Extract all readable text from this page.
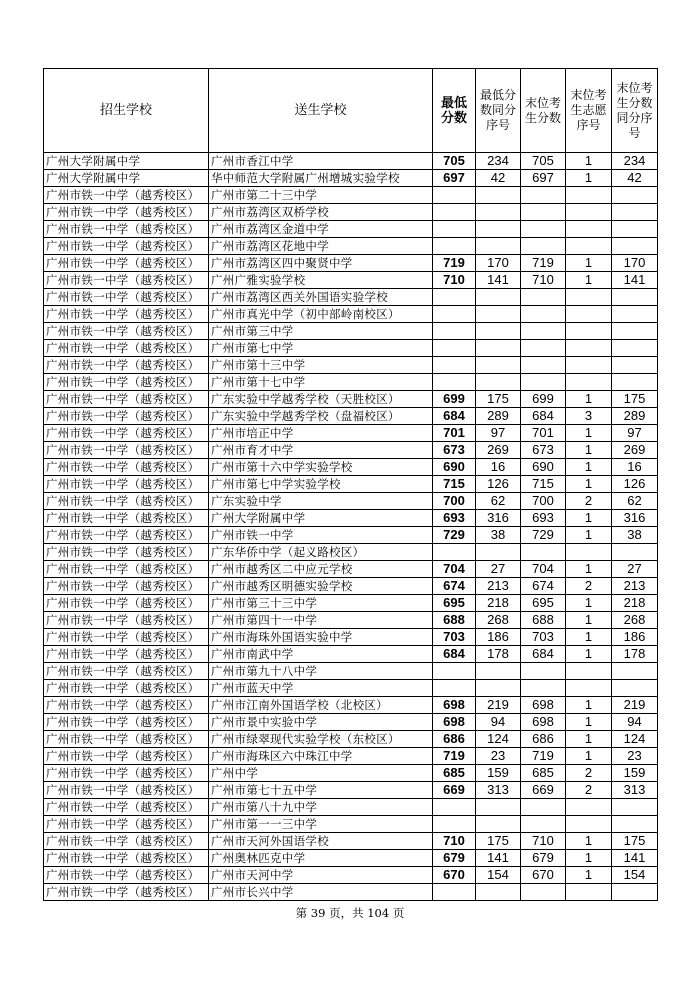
招生学校	送生学校	最低分数	最低分数同分序号	末位考生分数	末位考生志愿序号	末位考生分数同分序号
广州大学附属中学	广州市香江中学	705	234	705	1	234
广州大学附属中学	华中师范大学附属广州增城实验学校	697	42	697	1	42
广州市铁一中学（越秀校区）	广州市第二十三中学					
广州市铁一中学（越秀校区）	广州市荔湾区双桥学校					
广州市铁一中学（越秀校区）	广州市荔湾区金道中学					
广州市铁一中学（越秀校区）	广州市荔湾区花地中学					
广州市铁一中学（越秀校区）	广州市荔湾区四中聚贤中学	719	170	719	1	170
广州市铁一中学（越秀校区）	广州广雅实验学校	710	141	710	1	141
广州市铁一中学（越秀校区）	广州市荔湾区西关外国语实验学校					
广州市铁一中学（越秀校区）	广州市真光中学（初中部岭南校区）					
广州市铁一中学（越秀校区）	广州市第三中学					
广州市铁一中学（越秀校区）	广州市第七中学					
广州市铁一中学（越秀校区）	广州市第十三中学					
广州市铁一中学（越秀校区）	广州市第十七中学					
广州市铁一中学（越秀校区）	广东实验中学越秀学校（天胜校区）	699	175	699	1	175
广州市铁一中学（越秀校区）	广东实验中学越秀学校（盘福校区）	684	289	684	3	289
广州市铁一中学（越秀校区）	广州市培正中学	701	97	701	1	97
广州市铁一中学（越秀校区）	广州市育才中学	673	269	673	1	269
广州市铁一中学（越秀校区）	广州市第十六中学实验学校	690	16	690	1	16
广州市铁一中学（越秀校区）	广州市第七中学实验学校	715	126	715	1	126
广州市铁一中学（越秀校区）	广东实验中学	700	62	700	2	62
广州市铁一中学（越秀校区）	广州大学附属中学	693	316	693	1	316
广州市铁一中学（越秀校区）	广州市铁一中学	729	38	729	1	38
广州市铁一中学（越秀校区）	广东华侨中学（起义路校区）					
广州市铁一中学（越秀校区）	广州市越秀区二中应元学校	704	27	704	1	27
广州市铁一中学（越秀校区）	广州市越秀区明德实验学校	674	213	674	2	213
广州市铁一中学（越秀校区）	广州市第三十三中学	695	218	695	1	218
广州市铁一中学（越秀校区）	广州市第四十一中学	688	268	688	1	268
广州市铁一中学（越秀校区）	广州市海珠外国语实验中学	703	186	703	1	186
广州市铁一中学（越秀校区）	广州市南武中学	684	178	684	1	178
广州市铁一中学（越秀校区）	广州市第九十八中学					
广州市铁一中学（越秀校区）	广州市蓝天中学					
广州市铁一中学（越秀校区）	广州市江南外国语学校（北校区）	698	219	698	1	219
广州市铁一中学（越秀校区）	广州市景中实验中学	698	94	698	1	94
广州市铁一中学（越秀校区）	广州市绿翠现代实验学校（东校区）	686	124	686	1	124
广州市铁一中学（越秀校区）	广州市海珠区六中珠江中学	719	23	719	1	23
广州市铁一中学（越秀校区）	广州中学	685	159	685	2	159
广州市铁一中学（越秀校区）	广州市第七十五中学	669	313	669	2	313
广州市铁一中学（越秀校区）	广州市第八十九中学					
广州市铁一中学（越秀校区）	广州市第一一三中学					
广州市铁一中学（越秀校区）	广州市天河外国语学校	710	175	710	1	175
广州市铁一中学（越秀校区）	广州奥林匹克中学	679	141	679	1	141
广州市铁一中学（越秀校区）	广州市天河中学	670	154	670	1	154
广州市铁一中学（越秀校区）	广州市长兴中学					
第 39 页，共 104 页
